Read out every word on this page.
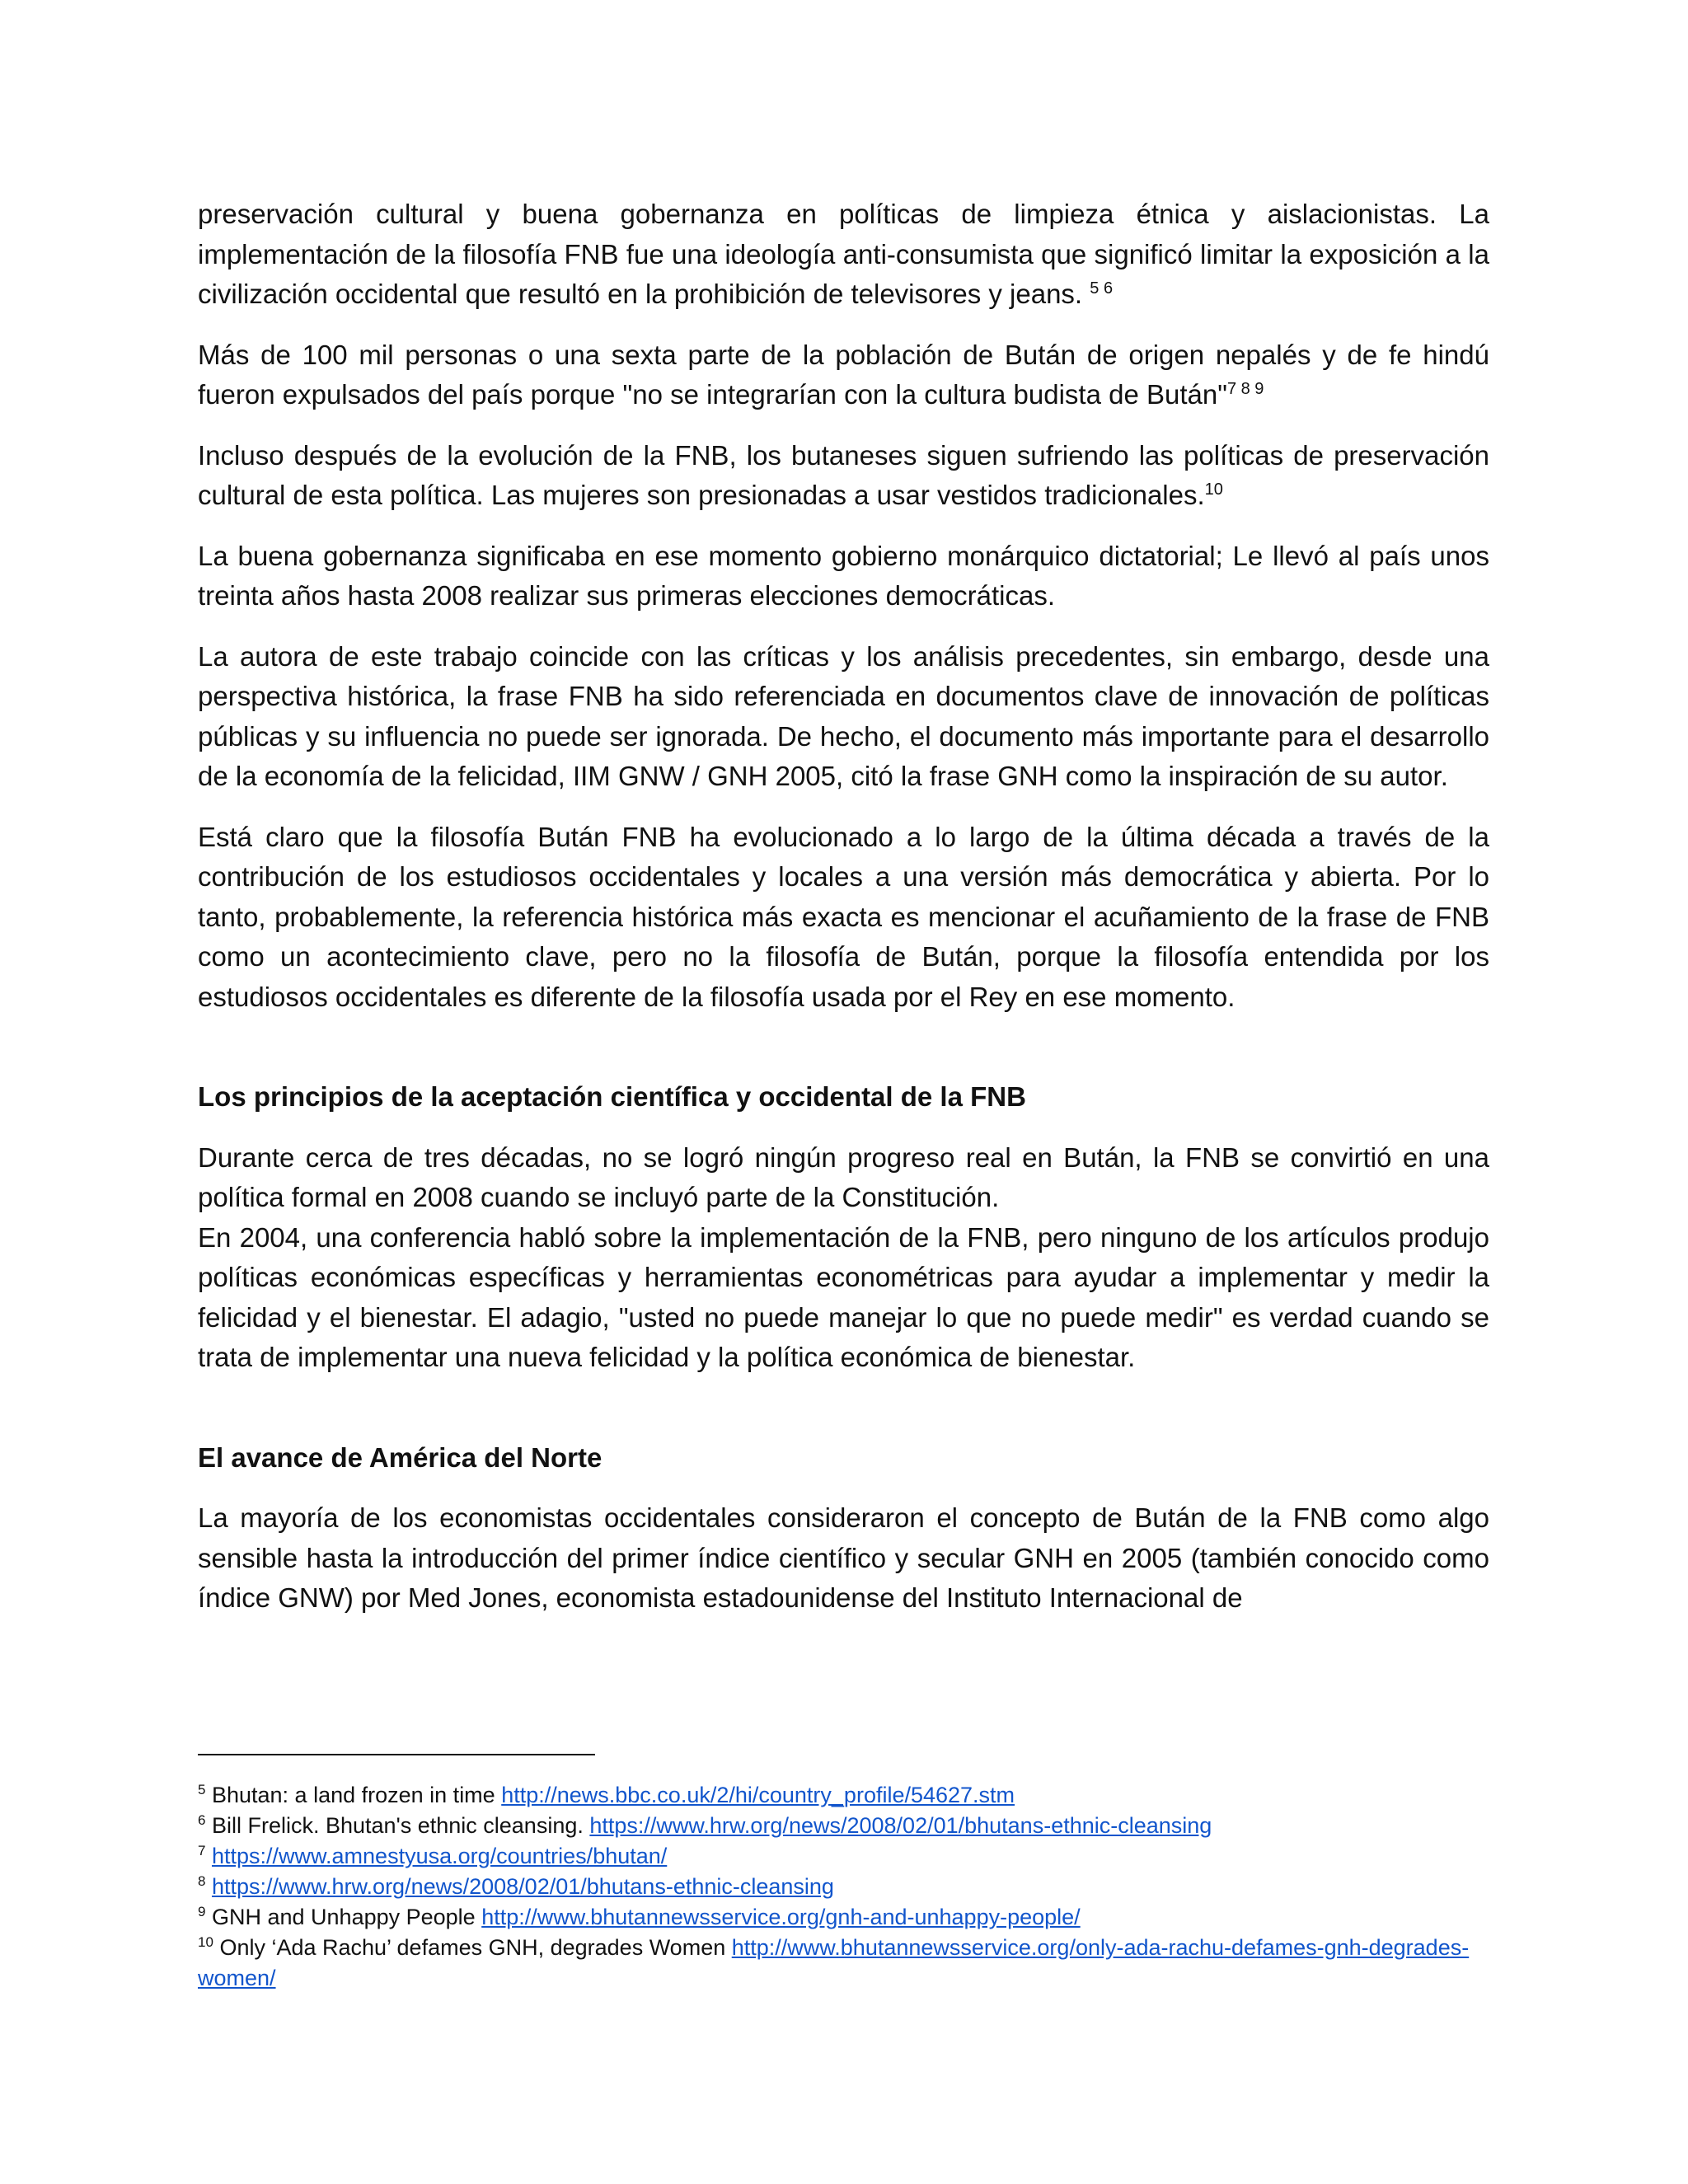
preservación cultural y buena gobernanza en políticas de limpieza étnica y aislacionistas. La implementación de la filosofía FNB fue una ideología anti-consumista que significó limitar la exposición a la civilización occidental que resultó en la prohibición de televisores y jeans. $^{5 6}$

Más de 100 mil personas o una sexta parte de la población de Bután de origen nepalés y de fe hindú fueron expulsados del país porque "no se integrarían con la cultura budista de Bután"$^{7 8 9}$

Incluso después de la evolución de la FNB, los butaneses siguen sufriendo las políticas de preservación cultural de esta política. Las mujeres son presionadas a usar vestidos tradicionales.$^{10}$

La buena gobernanza significaba en ese momento gobierno monárquico dictatorial; Le llevó al país unos treinta años hasta 2008 realizar sus primeras elecciones democráticas.

La autora de este trabajo coincide con las críticas y los análisis precedentes, sin embargo, desde una perspectiva histórica, la frase FNB ha sido referenciada en documentos clave de innovación de políticas públicas y su influencia no puede ser ignorada. De hecho, el documento más importante para el desarrollo de la economía de la felicidad, IIM GNW / GNH 2005, citó la frase GNH como la inspiración de su autor.

Está claro que la filosofía Bután FNB ha evolucionado a lo largo de la última década a través de la contribución de los estudiosos occidentales y locales a una versión más democrática y abierta. Por lo tanto, probablemente, la referencia histórica más exacta es mencionar el acuñamiento de la frase de FNB como un acontecimiento clave, pero no la filosofía de Bután, porque la filosofía entendida por los estudiosos occidentales es diferente de la filosofía usada por el Rey en ese momento.

Los principios de la aceptación científica y occidental de la FNB

Durante cerca de tres décadas, no se logró ningún progreso real en Bután, la FNB se convirtió en una política formal en 2008 cuando se incluyó parte de la Constitución.

En 2004, una conferencia habló sobre la implementación de la FNB, pero ninguno de los artículos produjo políticas económicas específicas y herramientas econométricas para ayudar a implementar y medir la felicidad y el bienestar. El adagio, "usted no puede manejar lo que no puede medir" es verdad cuando se trata de implementar una nueva felicidad y la política económica de bienestar.

El avance de América del Norte

La mayoría de los economistas occidentales consideraron el concepto de Bután de la FNB como algo sensible hasta la introducción del primer índice científico y secular GNH en 2005 (también conocido como índice GNW) por Med Jones, economista estadounidense del Instituto Internacional de

$^5$ Bhutan: a land frozen in time http://news.bbc.co.uk/2/hi/country_profile/54627.stm

$^6$ Bill Frelick. Bhutan's ethnic cleansing. https://www.hrw.org/news/2008/02/01/bhutans-ethnic-cleansing

$^7$ https://www.amnestyusa.org/countries/bhutan/

$^8$ https://www.hrw.org/news/2008/02/01/bhutans-ethnic-cleansing

$^9$ GNH and Unhappy People http://www.bhutannewsservice.org/gnh-and-unhappy-people/

$^{10}$ Only ‘Ada Rachu’ defames GNH, degrades Women http://www.bhutannewsservice.org/only-ada-rachu-defames-gnh-degrades-women/
